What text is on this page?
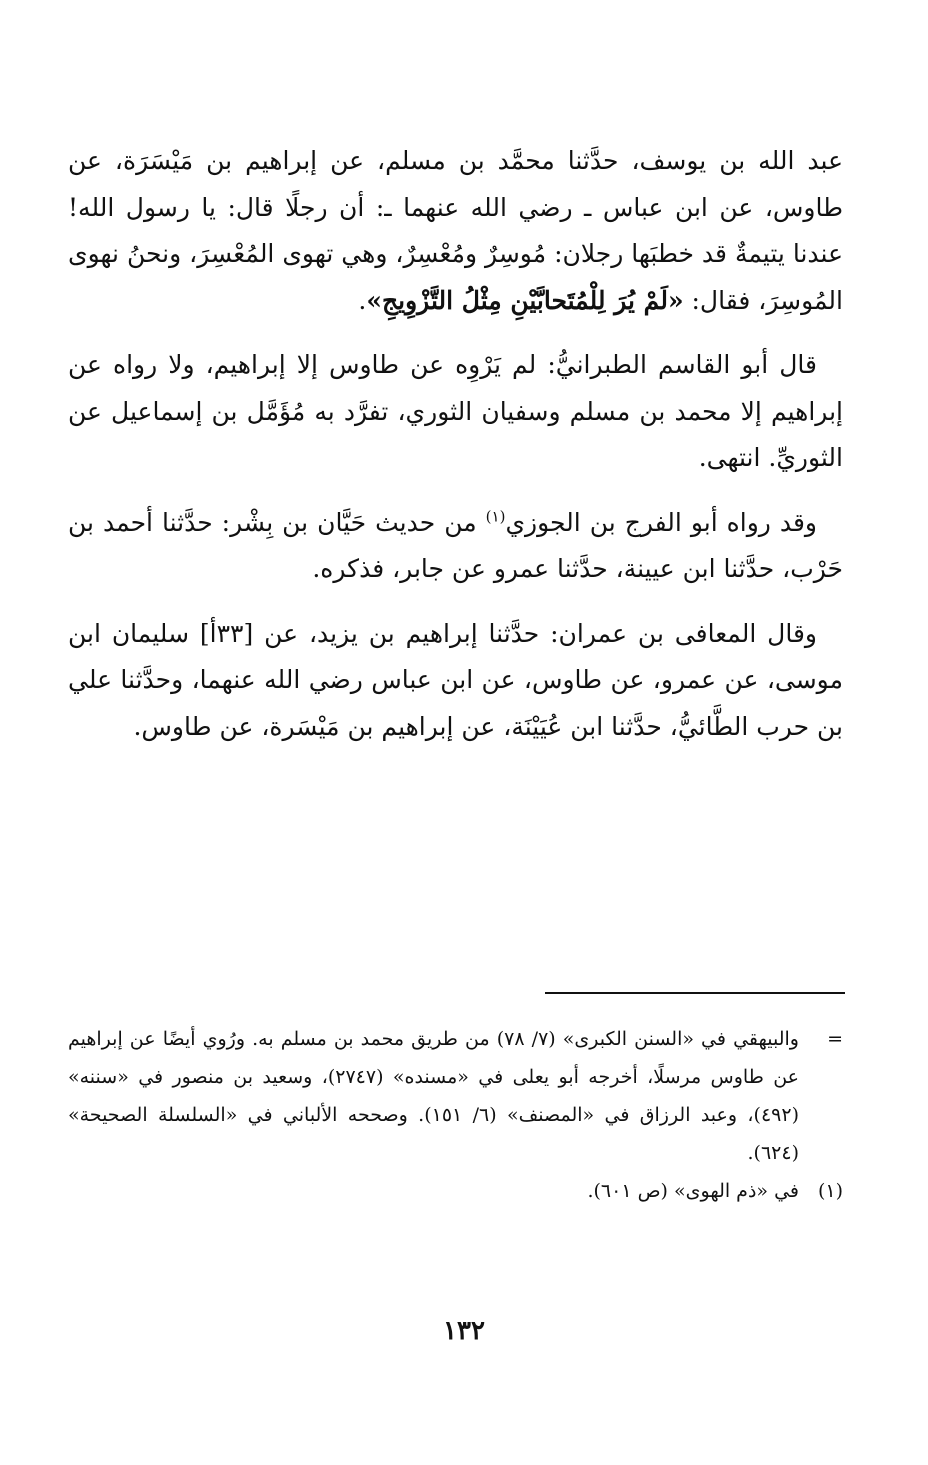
عبد الله بن يوسف، حدَّثنا محمَّد بن مسلم، عن إبراهيم بن مَيْسَرَة، عن طاوس، عن ابن عباس ـ رضي الله عنهما ـ: أن رجلًا قال: يا رسول الله! عندنا يتيمةٌ قد خطبَها رجلان: مُوسِرٌ ومُعْسِرٌ، وهي تهوى المُعْسِرَ، ونحنُ نهوى المُوسِرَ، فقال: «لَمْ يُرَ لِلْمُتَحابَّيْنِ مِثْلُ التَّزْوِيجِ».

قال أبو القاسم الطبرانيُّ: لم يَرْوِه عن طاوس إلا إبراهيم، ولا رواه عن إبراهيم إلا محمد بن مسلم وسفيان الثوري، تفرَّد به مُؤَمَّل بن إسماعيل عن الثوريِّ. انتهى.

وقد رواه أبو الفرج بن الجوزي$^{(١)}$ من حديث حَيَّان بن بِشْر: حدَّثنا أحمد بن حَرْب، حدَّثنا ابن عيينة، حدَّثنا عمرو عن جابر، فذكره.

وقال المعافى بن عمران: حدَّثنا إبراهيم بن يزيد، عن [٣٣أ] سليمان ابن موسى، عن عمرو، عن طاوس، عن ابن عباس رضي الله عنهما، وحدَّثنا علي بن حرب الطَّائيُّ، حدَّثنا ابن عُيَيْنَة، عن إبراهيم بن مَيْسَرة، عن طاوس.

=
والبيهقي في «السنن الكبرى» (٧/ ٧٨) من طريق محمد بن مسلم به. ورُوي أيضًا عن إبراهيم عن طاوس مرسلًا، أخرجه أبو يعلى في «مسنده» (٢٧٤٧)، وسعيد بن منصور في «سننه» (٤٩٢)، وعبد الرزاق في «المصنف» (٦/ ١٥١). وصححه الألباني في «السلسلة الصحيحة» (٦٢٤).
(١)
في «ذم الهوى» (ص ٦٠١).
١٣٢
